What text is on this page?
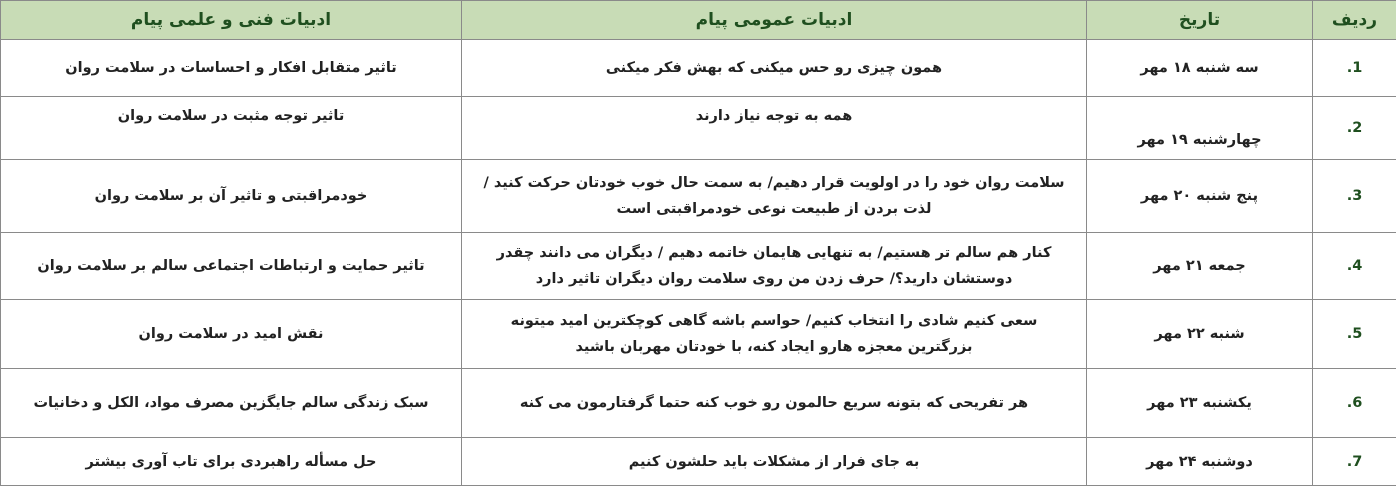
ردیف	تاریخ	ادبیات عمومی پیام	ادبیات فنی و علمی پیام
.1	سه شنبه ۱۸ مهر	همون چیزی رو حس میکنی که بهش فکر میکنی	تاثیر متقابل افکار و احساسات در سلامت روان
.2	چهارشنبه ۱۹ مهر	همه به توجه نیاز دارند	تاثیر توجه مثبت در سلامت روان
.3	پنج شنبه ۲۰ مهر	سلامت روان خود را در اولویت قرار دهیم/ به سمت حال خوب خودتان حرکت کنید /لذت بردن از طبیعت نوعی خودمراقبتی است	خودمراقبتی و تاثیر آن بر سلامت روان
.4	جمعه ۲۱ مهر	کنار هم سالم تر هستیم/ به تنهایی هایمان خاتمه دهیم / دیگران می دانند چقدر دوستشان دارید؟/ حرف زدن من روی سلامت روان دیگران تاثیر دارد	تاثیر حمایت و ارتباطات اجتماعی سالم بر سلامت روان
.5	شنبه ۲۲ مهر	سعی کنیم شادی را انتخاب کنیم/ حواسم باشه گاهی کوچکترین امید میتونه بزرگترین معجزه هارو ایجاد کنه، با خودتان مهربان باشید	نقش امید در سلامت روان
.6	یکشنبه ۲۳ مهر	هر تفریحی که بتونه سریع حالمون رو خوب کنه حتما گرفتارمون می کنه	سبک زندگی سالم جایگزین مصرف مواد، الکل و دخانیات
.7	دوشنبه ۲۴ مهر	به جای فرار از مشکلات باید حلشون کنیم	حل مسأله راهبردی برای تاب آوری بیشتر
